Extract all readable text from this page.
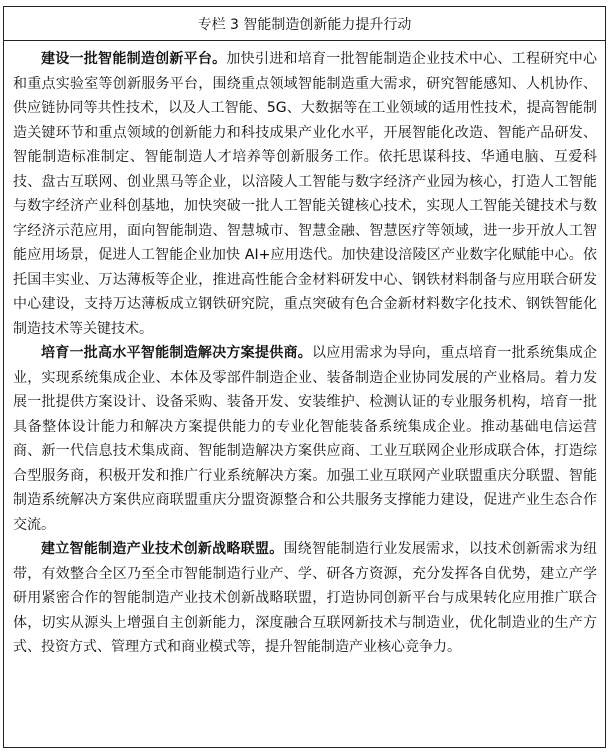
专栏 3 智能制造创新能力提升行动

建设一批智能制造创新平台。加快引进和培育一批智能制造企业技术中心、工程研究中心和重点实验室等创新服务平台，围绕重点领域智能制造重大需求，研究智能感知、人机协作、供应链协同等共性技术，以及人工智能、5G、大数据等在工业领域的适用性技术，提高智能制造关键环节和重点领域的创新能力和科技成果产业化水平，开展智能化改造、智能产品研发、智能制造标准制定、智能制造人才培养等创新服务工作。依托思谋科技、华通电脑、互爱科技、盘古互联网、创业黑马等企业，以涪陵人工智能与数字经济产业园为核心，打造人工智能与数字经济产业科创基地，加快突破一批人工智能关键核心技术，实现人工智能关键技术与数字经济示范应用，面向智能制造、智慧城市、智慧金融、智慧医疗等领域，进一步开放人工智能应用场景，促进人工智能企业加快 AI+应用迭代。加快建设涪陵区产业数字化赋能中心。依托国丰实业、万达薄板等企业，推进高性能合金材料研发中心、钢铁材料制备与应用联合研发中心建设，支持万达薄板成立钢铁研究院，重点突破有色合金新材料数字化技术、钢铁智能化制造技术等关键技术。

培育一批高水平智能制造解决方案提供商。以应用需求为导向，重点培育一批系统集成企业，实现系统集成企业、本体及零部件制造企业、装备制造企业协同发展的产业格局。着力发展一批提供方案设计、设备采购、装备开发、安装维护、检测认证的专业服务机构，培育一批具备整体设计能力和解决方案提供能力的专业化智能装备系统集成企业。推动基础电信运营商、新一代信息技术集成商、智能制造解决方案供应商、工业互联网企业形成联合体，打造综合型服务商，积极开发和推广行业系统解决方案。加强工业互联网产业联盟重庆分联盟、智能制造系统解决方案供应商联盟重庆分盟资源整合和公共服务支撑能力建设，促进产业生态合作交流。

建立智能制造产业技术创新战略联盟。围绕智能制造行业发展需求，以技术创新需求为纽带，有效整合全区乃至全市智能制造行业产、学、研各方资源，充分发挥各自优势，建立产学研用紧密合作的智能制造产业技术创新战略联盟，打造协同创新平台与成果转化应用推广联合体，切实从源头上增强自主创新能力，深度融合互联网新技术与制造业，优化制造业的生产方式、投资方式、管理方式和商业模式等，提升智能制造产业核心竞争力。
